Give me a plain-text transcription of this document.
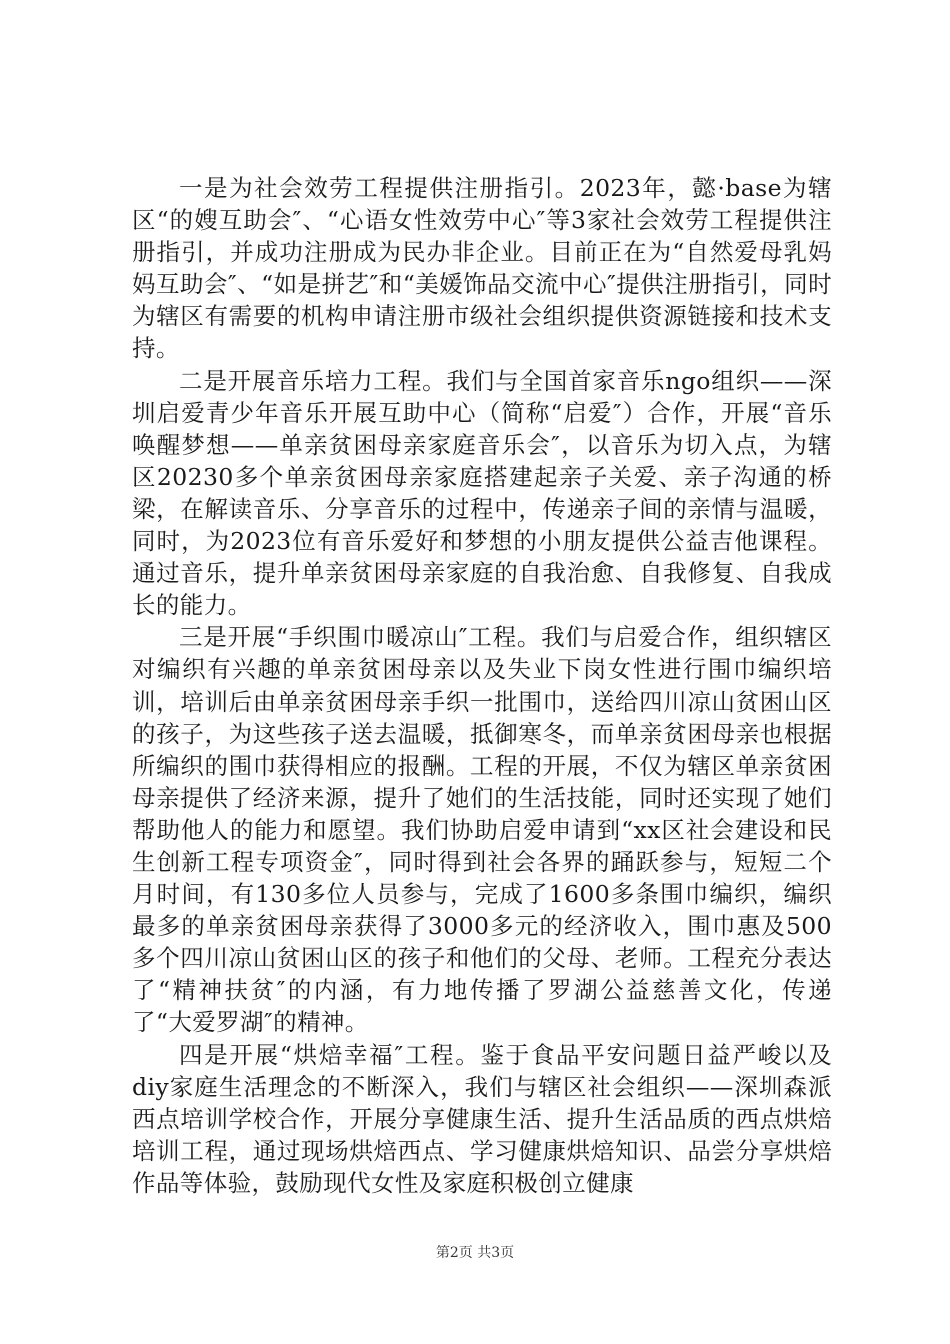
一是为社会效劳工程提供注册指引。2023年，懿·base为辖区“的嫂互助会″、“心语女性效劳中心″等3家社会效劳工程提供注册指引，并成功注册成为民办非企业。目前正在为“自然爱母乳妈妈互助会″、“如是拼艺″和“美媛饰品交流中心″提供注册指引，同时为辖区有需要的机构申请注册市级社会组织提供资源链接和技术支持。

二是开展音乐培力工程。我们与全国首家音乐ngo组织——深圳启爱青少年音乐开展互助中心（简称“启爱″）合作，开展“音乐唤醒梦想——单亲贫困母亲家庭音乐会″，以音乐为切入点，为辖区20230多个单亲贫困母亲家庭搭建起亲子关爱、亲子沟通的桥梁，在解读音乐、分享音乐的过程中，传递亲子间的亲情与温暖，同时，为2023位有音乐爱好和梦想的小朋友提供公益吉他课程。通过音乐，提升单亲贫困母亲家庭的自我治愈、自我修复、自我成长的能力。

三是开展“手织围巾暖凉山″工程。我们与启爱合作，组织辖区对编织有兴趣的单亲贫困母亲以及失业下岗女性进行围巾编织培训，培训后由单亲贫困母亲手织一批围巾，送给四川凉山贫困山区的孩子，为这些孩子送去温暖，抵御寒冬，而单亲贫困母亲也根据所编织的围巾获得相应的报酬。工程的开展，不仅为辖区单亲贫困母亲提供了经济来源，提升了她们的生活技能，同时还实现了她们帮助他人的能力和愿望。我们协助启爱申请到“xx区社会建设和民生创新工程专项资金″，同时得到社会各界的踊跃参与，短短二个月时间，有130多位人员参与，完成了1600多条围巾编织，编织最多的单亲贫困母亲获得了3000多元的经济收入，围巾惠及500多个四川凉山贫困山区的孩子和他们的父母、老师。工程充分表达了“精神扶贫″的内涵，有力地传播了罗湖公益慈善文化，传递了“大爱罗湖″的精神。

四是开展“烘焙幸福″工程。鉴于食品平安问题日益严峻以及diy家庭生活理念的不断深入，我们与辖区社会组织——深圳森派西点培训学校合作，开展分享健康生活、提升生活品质的西点烘焙培训工程，通过现场烘焙西点、学习健康烘焙知识、品尝分享烘焙作品等体验，鼓励现代女性及家庭积极创立健康

第2页 共3页
